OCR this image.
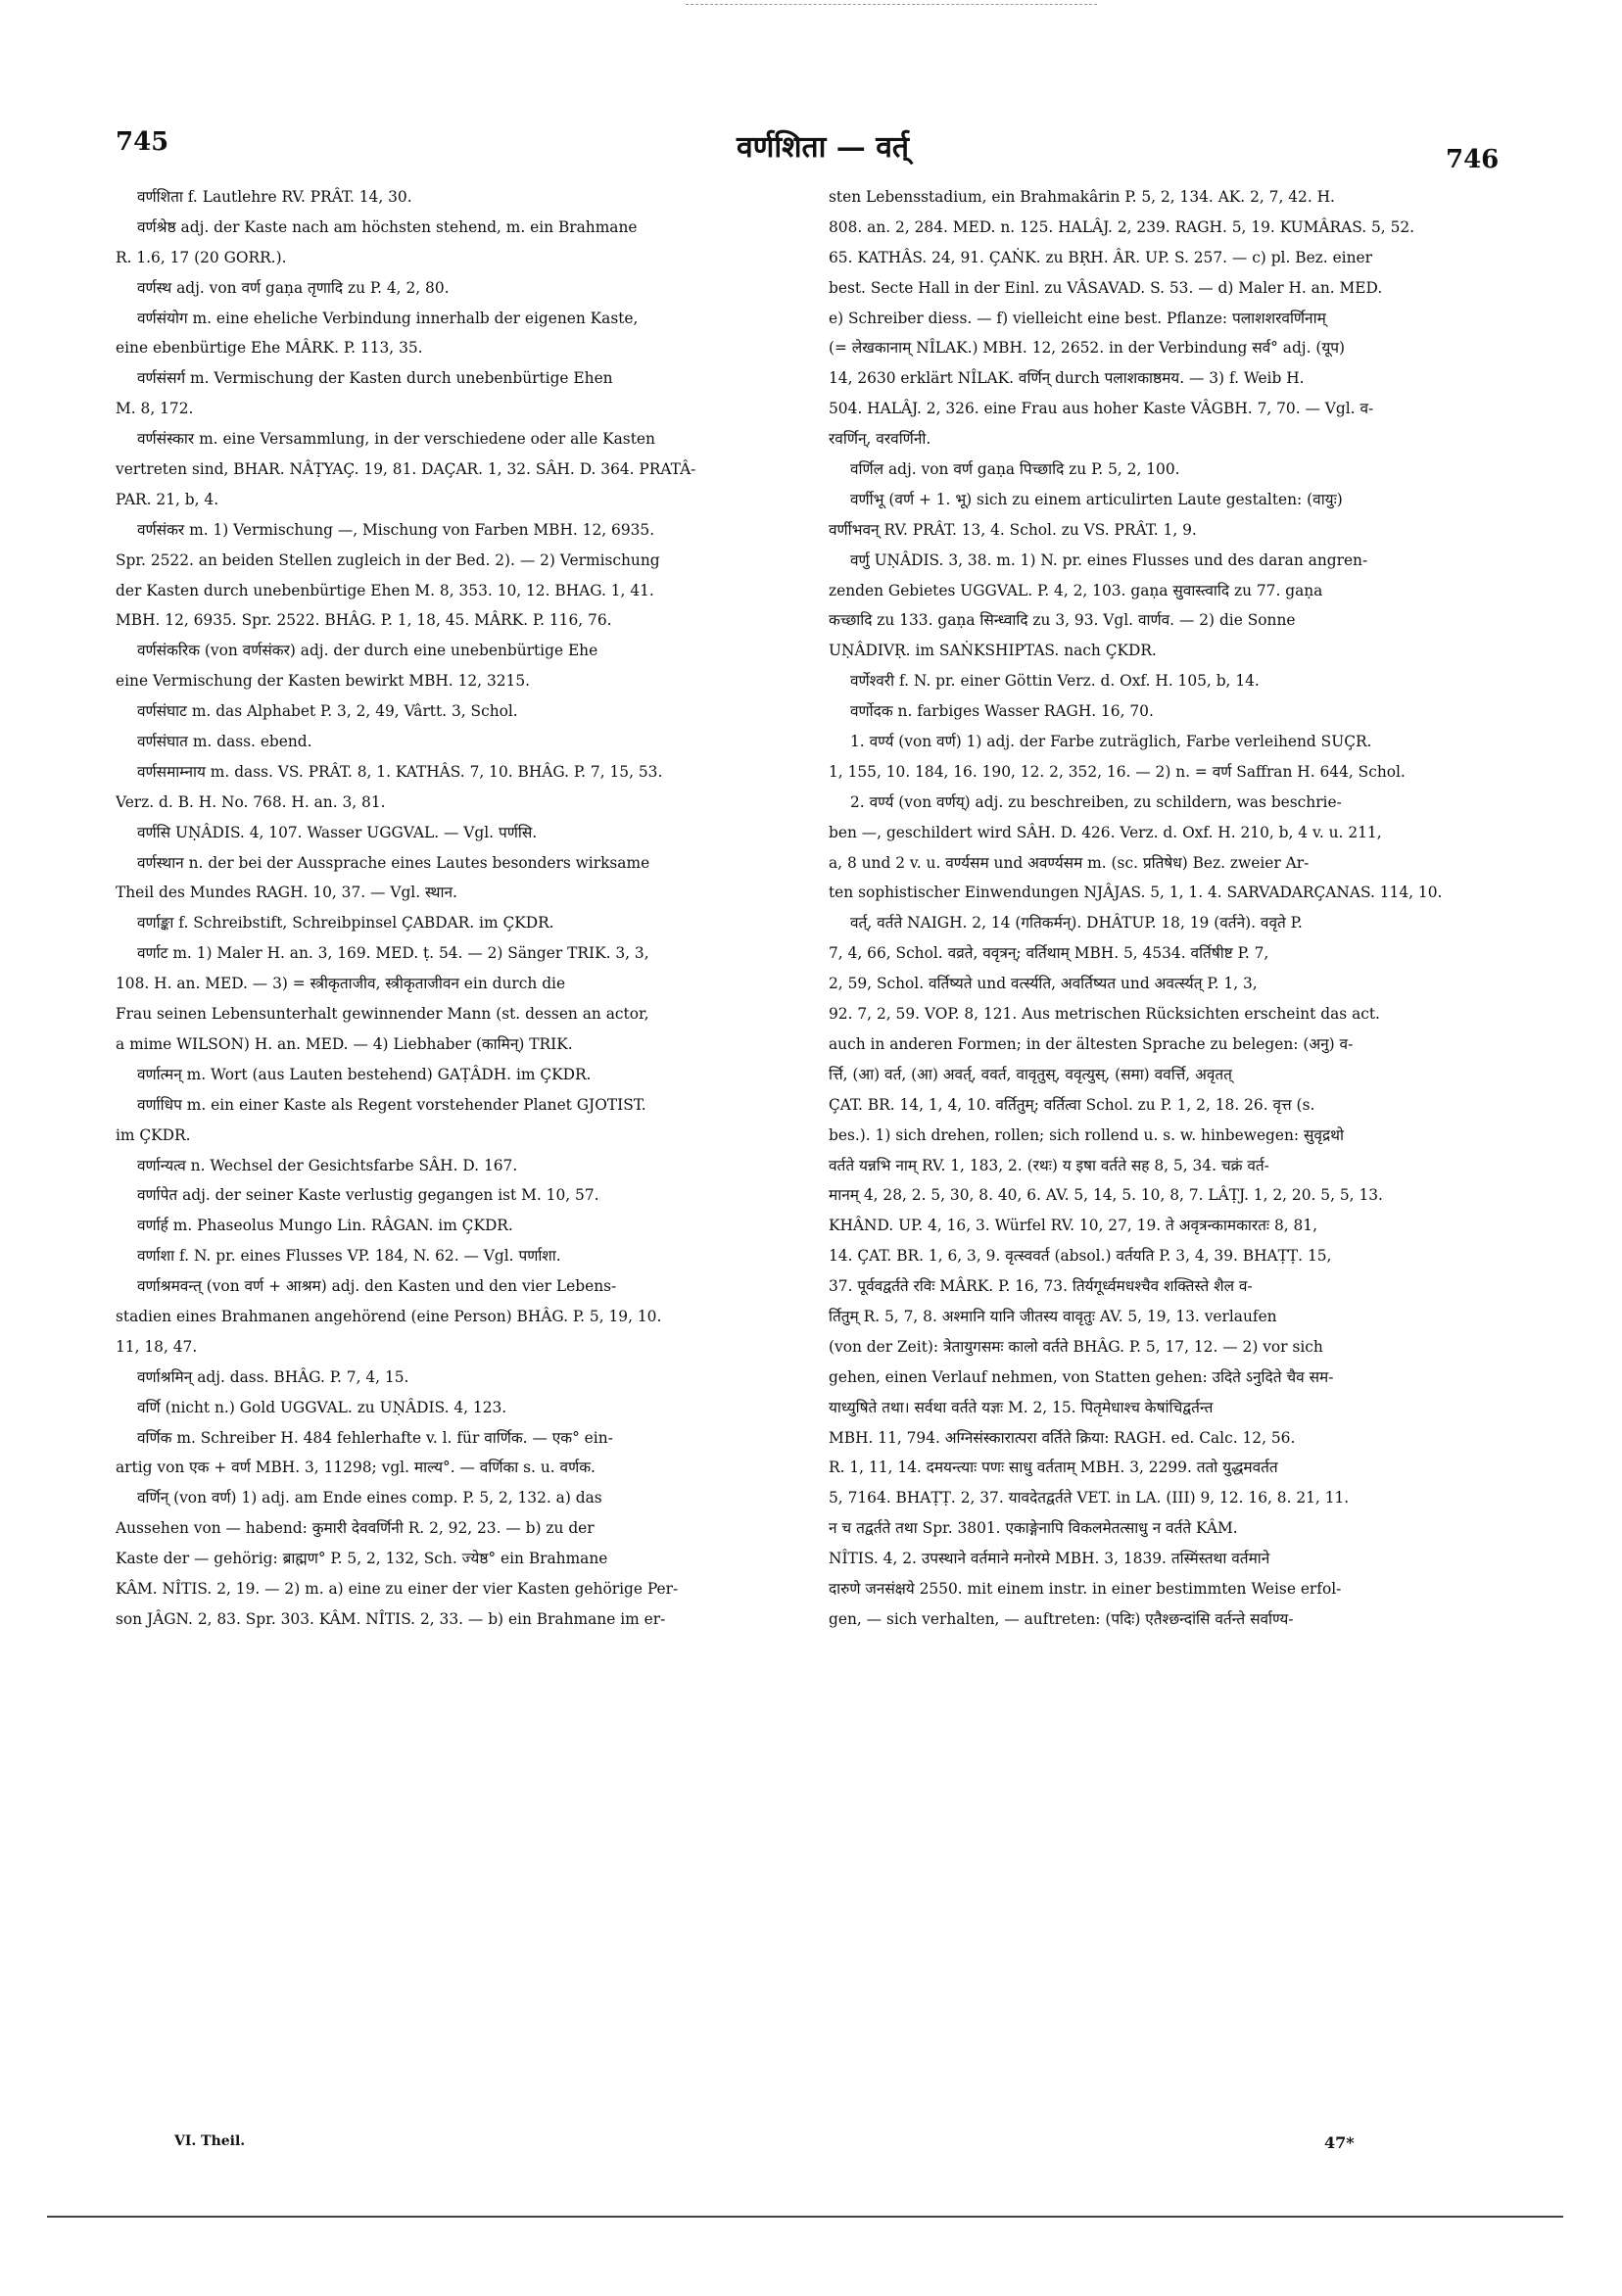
745	वर्णशिता — वर्त्	746
वर्णशिता f. Lautlehre RV. PRÂT. 14, 30.
वर्णश्रेष्ठ adj. der Kaste nach am höchsten stehend, m. ein Brahmane
R. 1.6, 17 (20 GORR.).
वर्णस्थ adj. von वर्ण gaṇa तृणादि zu P. 4, 2, 80.
वर्णसंयोग m. eine eheliche Verbindung innerhalb der eigenen Kaste,
eine ebenbürtige Ehe MÂRK. P. 113, 35.
वर्णसंसर्ग m. Vermischung der Kasten durch unebenbürtige Ehen
M. 8, 172.
वर्णसंस्कार m. eine Versammlung, in der verschiedene oder alle Kasten
vertreten sind, BHAR. NÂṬYAÇ. 19, 81. DAÇAR. 1, 32. SÂH. D. 364. PRATÂ-
PAR. 21, b, 4.
वर्णसंकर m. 1) Vermischung —, Mischung von Farben MBH. 12, 6935.
Spr. 2522. an beiden Stellen zugleich in der Bed. 2). — 2) Vermischung
der Kasten durch unebenbürtige Ehen M. 8, 353. 10, 12. BHAG. 1, 41.
MBH. 12, 6935. Spr. 2522. BHÂG. P. 1, 18, 45. MÂRK. P. 116, 76.
वर्णसंकरिक (von वर्णसंकर) adj. der durch eine unebenbürtige Ehe
eine Vermischung der Kasten bewirkt MBH. 12, 3215.
वर्णसंघाट m. das Alphabet P. 3, 2, 49, Vârtt. 3, Schol.
वर्णसंघात m. dass. ebend.
वर्णसमाम्नाय m. dass. VS. PRÂT. 8, 1. KATHÂS. 7, 10. BHÂG. P. 7, 15, 53.
Verz. d. B. H. No. 768. H. an. 3, 81.
वर्णसि UṆÂDIS. 4, 107. Wasser UGGVAL. — Vgl. पर्णसि.
वर्णस्थान n. der bei der Aussprache eines Lautes besonders wirksame
Theil des Mundes RAGH. 10, 37. — Vgl. स्थान.
वर्णाङ्का f. Schreibstift, Schreibpinsel ÇABDAR. im ÇKDR.
वर्णाट m. 1) Maler H. an. 3, 169. MED. ṭ. 54. — 2) Sänger TRIK. 3, 3,
108. H. an. MED. — 3) = स्त्रीकृताजीव, स्त्रीकृताजीवन ein durch die
Frau seinen Lebensunterhalt gewinnender Mann (st. dessen an actor,
a mime WILSON) H. an. MED. — 4) Liebhaber (कामिन्) TRIK.
वर्णात्मन् m. Wort (aus Lauten bestehend) GAṬÂDH. im ÇKDR.
वर्णाधिप m. ein einer Kaste als Regent vorstehender Planet GJOTIST.
im ÇKDR.
वर्णान्यत्व n. Wechsel der Gesichtsfarbe SÂH. D. 167.
वर्णापेत adj. der seiner Kaste verlustig gegangen ist M. 10, 57.
वर्णार्ह m. Phaseolus Mungo Lin. RÂGAN. im ÇKDR.
वर्णाशा f. N. pr. eines Flusses VP. 184, N. 62. — Vgl. पर्णाशा.
वर्णाश्रमवन्त् (von वर्ण + आश्रम) adj. den Kasten und den vier Lebens-
stadien eines Brahmanen angehörend (eine Person) BHÂG. P. 5, 19, 10.
11, 18, 47.
वर्णाश्रमिन् adj. dass. BHÂG. P. 7, 4, 15.
वर्णि (nicht n.) Gold UGGVAL. zu UṆÂDIS. 4, 123.
वर्णिक m. Schreiber H. 484 fehlerhafte v. l. für वार्णिक. — एक° ein-
artig von एक + वर्ण MBH. 3, 11298; vgl. माल्य°. — वर्णिका s. u. वर्णक.
वर्णिन् (von वर्ण) 1) adj. am Ende eines comp. P. 5, 2, 132. a) das
Aussehen von — habend: कुमारी देववर्णिनी R. 2, 92, 23. — b) zu der
Kaste der — gehörig: ब्राह्मण° P. 5, 2, 132, Sch. ज्येष्ठ° ein Brahmane
KÂM. NÎTIS. 2, 19. — 2) m. a) eine zu einer der vier Kasten gehörige Per-
son JÂGN. 2, 83. Spr. 303. KÂM. NÎTIS. 2, 33. — b) ein Brahmane im er-
sten Lebensstadium, ein Brahmakârin P. 5, 2, 134. AK. 2, 7, 42. H.
808. an. 2, 284. MED. n. 125. HALÂJ. 2, 239. RAGH. 5, 19. KUMÂRAS. 5, 52.
65. KATHÂS. 24, 91. ÇAṄK. zu BṚH. ÂR. UP. S. 257. — c) pl. Bez. einer
best. Secte Hall in der Einl. zu VÂSAVAD. S. 53. — d) Maler H. an. MED.
e) Schreiber diess. — f) vielleicht eine best. Pflanze: पलाशशरवर्णिनाम्
(= लेखकानाम् NÎLAK.) MBH. 12, 2652. in der Verbindung सर्व° adj. (यूप)
14, 2630 erklärt NÎLAK. वर्णिन् durch पलाशकाष्ठमय. — 3) f. Weib H.
504. HALÂJ. 2, 326. eine Frau aus hoher Kaste VÂGBH. 7, 70. — Vgl. व-
रवर्णिन्, वरवर्णिनी.
वर्णिल adj. von वर्ण gaṇa पिच्छादि zu P. 5, 2, 100.
वर्णीभू (वर्ण + 1. भू) sich zu einem articulirten Laute gestalten: (वायुः)
वर्णीभवन् RV. PRÂT. 13, 4. Schol. zu VS. PRÂT. 1, 9.
वर्णु UṆÂDIS. 3, 38. m. 1) N. pr. eines Flusses und des daran angren-
zenden Gebietes UGGVAL. P. 4, 2, 103. gaṇa सुवास्त्वादि zu 77. gaṇa
कच्छादि zu 133. gaṇa सिन्ध्वादि zu 3, 93. Vgl. वार्णव. — 2) die Sonne
UṆÂDIVṚ. im SAṄKSHIPTAS. nach ÇKDR.
वर्णेश्वरी f. N. pr. einer Göttin Verz. d. Oxf. H. 105, b, 14.
वर्णोदक n. farbiges Wasser RAGH. 16, 70.
1. वर्ण्य (von वर्ण) 1) adj. der Farbe zuträglich, Farbe verleihend SUÇR.
1, 155, 10. 184, 16. 190, 12. 2, 352, 16. — 2) n. = वर्ण Saffran H. 644, Schol.
2. वर्ण्य (von वर्णय्) adj. zu beschreiben, zu schildern, was beschrie-
ben —, geschildert wird SÂH. D. 426. Verz. d. Oxf. H. 210, b, 4 v. u. 211,
a, 8 und 2 v. u. वर्ण्यसम und अवर्ण्यसम m. (sc. प्रतिषेध) Bez. zweier Ar-
ten sophistischer Einwendungen NJÂJAS. 5, 1, 1. 4. SARVADARÇANAS. 114, 10.
वर्त्, वर्तते NAIGH. 2, 14 (गतिकर्मन्). DHÂTUP. 18, 19 (वर्तने). ववृते P.
7, 4, 66, Schol. वव्रते, ववृत्रन्; वर्तिथाम् MBH. 5, 4534. वर्तिषीष्ट P. 7,
2, 59, Schol. वर्तिष्यते und वर्त्स्यति, अवर्तिष्यत und अवर्त्स्यत् P. 1, 3,
92. 7, 2, 59. VOP. 8, 121. Aus metrischen Rücksichten erscheint das act.
auch in anderen Formen; in der ältesten Sprache zu belegen: (अनु) व-
र्त्ति, (आ) वर्त, (आ) अवर्त्, ववर्त, वावृतुस्, ववृत्युस्, (समा) ववर्त्ति, अवृतत्
ÇAT. BR. 14, 1, 4, 10. वर्तितुम्; वर्तित्वा Schol. zu P. 1, 2, 18. 26. वृत्त (s.
bes.). 1) sich drehen, rollen; sich rollend u. s. w. hinbewegen: सुवृद्रथो
वर्तते यन्नभि नाम् RV. 1, 183, 2. (रथः) य इषा वर्तते सह 8, 5, 34. चक्रं वर्त-
मानम् 4, 28, 2. 5, 30, 8. 40, 6. AV. 5, 14, 5. 10, 8, 7. LÂṬJ. 1, 2, 20. 5, 5, 13.
KHÂND. UP. 4, 16, 3. Würfel RV. 10, 27, 19. ते अवृत्रन्कामकारतः 8, 81,
14. ÇAT. BR. 1, 6, 3, 9. वृत्स्ववर्त (absol.) वर्तयति P. 3, 4, 39. BHAṬṬ. 15,
37. पूर्ववद्वर्तते रविः MÂRK. P. 16, 73. तिर्यगूर्ध्वमधश्चैव शक्तिस्ते शैल व-
र्तितुम् R. 5, 7, 8. अश्मानि यानि जीतस्य वावृतुः AV. 5, 19, 13. verlaufen
(von der Zeit): त्रेतायुगसमः कालो वर्तते BHÂG. P. 5, 17, 12. — 2) vor sich
gehen, einen Verlauf nehmen, von Statten gehen: उदिते ऽनुदिते चैव सम-
याध्युषिते तथा। सर्वथा वर्तते यज्ञः M. 2, 15. पितृमेधाश्च केषांचिद्वर्तन्त
MBH. 11, 794. अग्निसंस्कारात्परा वर्तिते क्रिया: RAGH. ed. Calc. 12, 56.
R. 1, 11, 14. दमयन्त्याः पणः साधु वर्तताम् MBH. 3, 2299. ततो युद्धमवर्तत
5, 7164. BHAṬṬ. 2, 37. यावदेतद्वर्तते VET. in LA. (III) 9, 12. 16, 8. 21, 11.
न च तद्वर्तते तथा Spr. 3801. एकाङ्गेनापि विकलमेतत्साधु न वर्तते KÂM.
NÎTIS. 4, 2. उपस्थाने वर्तमाने मनोरमे MBH. 3, 1839. तस्मिंस्तथा वर्तमाने
दारुणे जनसंक्षये 2550. mit einem instr. in einer bestimmten Weise erfol-
gen, — sich verhalten, — auftreten: (पदिः) एतैश्छन्दांसि वर्तन्ते सर्वाण्य-
VI. Theil.	47*
